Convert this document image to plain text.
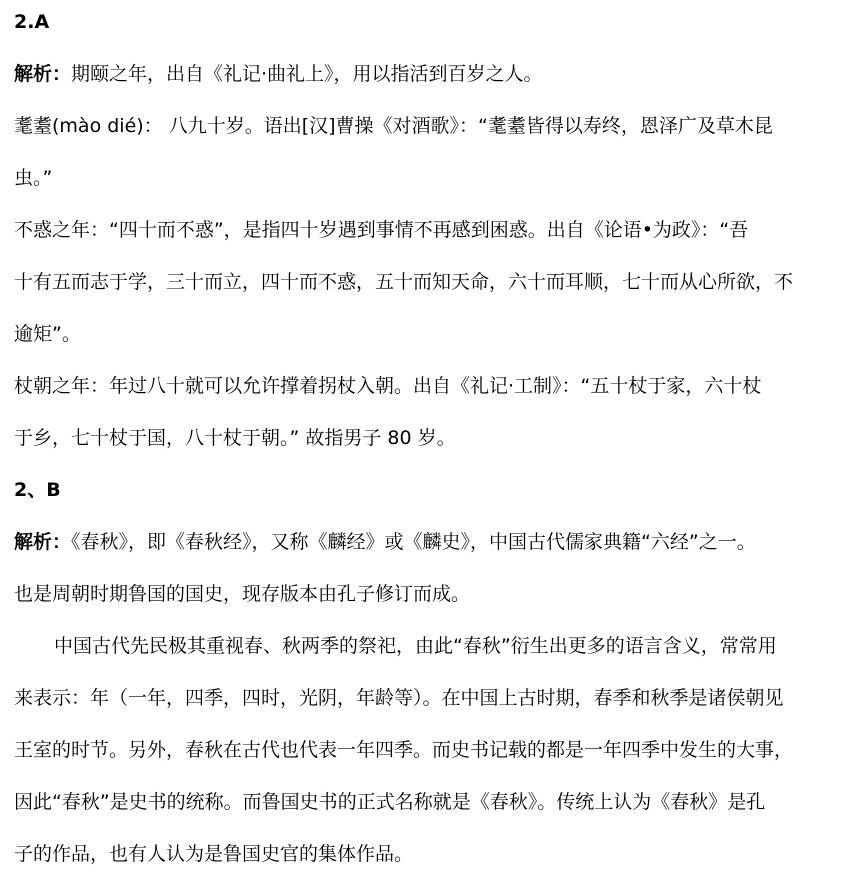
2.A
解析：期颐之年，出自《礼记·曲礼上》，用以指活到百岁之人。
耄耋(mào dié)： 八九十岁。语出[汉]曹操《对酒歌》：“耄耋皆得以寿终，恩泽广及草木昆
虫。”
不惑之年：“四十而不惑”，是指四十岁遇到事情不再感到困惑。出自《论语•为政》：“吾
十有五而志于学，三十而立，四十而不惑，五十而知天命，六十而耳顺，七十而从心所欲，不
逾矩”。
杖朝之年：年过八十就可以允许撑着拐杖入朝。出自《礼记·工制》：“五十杖于家，六十杖
于乡，七十杖于国，八十杖于朝。” 故指男子 80 岁。
2、B
解析：《春秋》，即《春秋经》，又称《麟经》或《麟史》，中国古代儒家典籍“六经”之一。
也是周朝时期鲁国的国史，现存版本由孔子修订而成。
中国古代先民极其重视春、秋两季的祭祀，由此“春秋”衍生出更多的语言含义，常常用
来表示：年（一年，四季，四时，光阴，年龄等）。在中国上古时期，春季和秋季是诸侯朝见
王室的时节。另外，春秋在古代也代表一年四季。而史书记载的都是一年四季中发生的大事，
因此“春秋”是史书的统称。而鲁国史书的正式名称就是《春秋》。传统上认为《春秋》是孔
子的作品，也有人认为是鲁国史官的集体作品。
